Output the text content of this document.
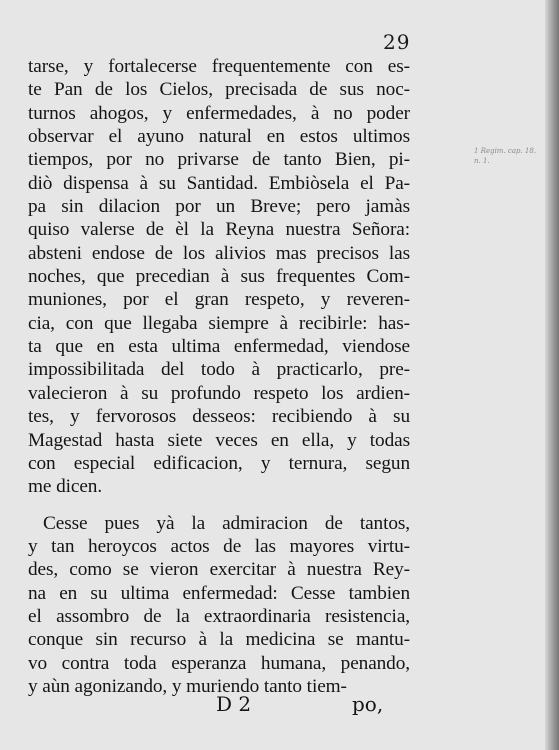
29
1 Regim. cap. 18. n. 1.
tarse, y fortalecerse frequentemente con es-
te Pan de los Cielos, precisada de sus noc-
turnos ahogos, y enfermedades, à no poder
observar el ayuno natural en estos ultimos
tiempos, por no privarse de tanto Bien, pi-
diò dispensa à su Santidad. Embiòsela el Pa-
pa sin dilacion por un Breve; pero jamàs
quiso valerse de èl la Reyna nuestra Señora:
absteni endose de los alivios mas precisos las
noches, que precedian à sus frequentes Com-
muniones, por el gran respeto, y reveren-
cia, con que llegaba siempre à recibirle: has-
ta que en esta ultima enfermedad, viendose
impossibilitada del todo à practicarlo, pre-
valecieron à su profundo respeto los ardien-
tes, y fervorosos desseos: recibiendo à su
Magestad hasta siete veces en ella, y todas
con especial edificacion, y ternura, segun
me dicen.
Cesse pues yà la admiracion de tantos,
y tan heroycos actos de las mayores virtu-
des, como se vieron exercitar à nuestra Rey-
na en su ultima enfermedad: Cesse tambien
el assombro de la extraordinaria resistencia,
conque sin recurso à la medicina se mantu-
vo contra toda esperanza humana, penando,
y aùn agonizando, y muriendo tanto tiem-
D 2	po,
